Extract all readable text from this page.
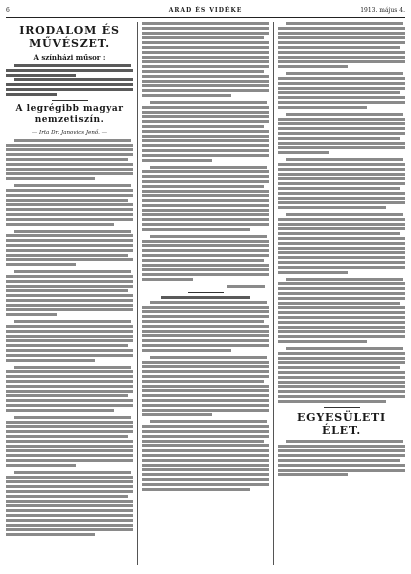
6	ARAD ÉS VIDÉKE	1913. május 4.
IRODALOM ÉS MŰVÉSZET.
A színházi műsor :
A legrégibb magyar nemzetiszín.
— Irta Dr. Janovics Jenő. —
EGYESÜLETI ÉLET.
